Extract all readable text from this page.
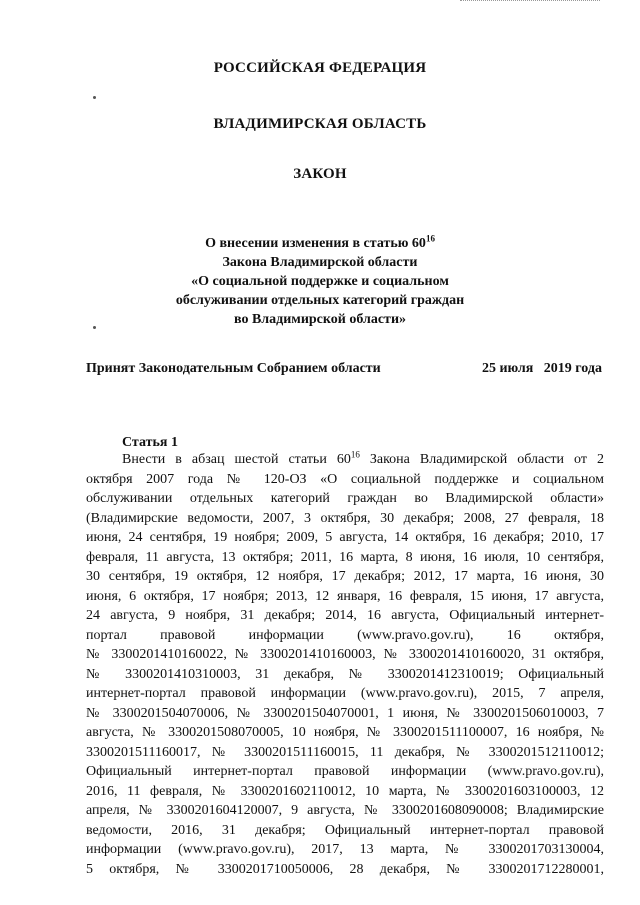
РОССИЙСКАЯ ФЕДЕРАЦИЯ
ВЛАДИМИРСКАЯ ОБЛАСТЬ
ЗАКОН
О внесении изменения в статью $60^{16}$
Закона Владимирской области
«О социальной поддержке и социальном
обслуживании отдельных категорий граждан
во Владимирской области»
Принят Законодательным Собранием области	25 июля   2019 года
Статья 1
Внести в абзац шестой статьи $60^{16}$ Закона Владимирской области от 2
октября 2007 года № 120-ОЗ «О социальной поддержке и социальном
обслуживании отдельных категорий граждан во Владимирской области»
(Владимирские ведомости, 2007, 3 октября, 30 декабря; 2008, 27 февраля, 18
июня, 24 сентября, 19 ноября; 2009, 5 августа, 14 октября, 16 декабря; 2010, 17
февраля, 11 августа, 13 октября; 2011, 16 марта, 8 июня, 16 июля, 10 сентября,
30 сентября, 19 октября, 12 ноября, 17 декабря; 2012, 17 марта, 16 июня, 30
июня, 6 октября, 17 ноября; 2013, 12 января, 16 февраля, 15 июня, 17 августа,
24 августа, 9 ноября, 31 декабря; 2014, 16 августа, Официальный интернет-
портал правовой информации (www.pravo.gov.ru), 16 октября,
№ 3300201410160022, № 3300201410160003, № 3300201410160020, 31 октября,
№ 3300201410310003, 31 декабря, № 3300201412310019; Официальный
интернет-портал правовой информации (www.pravo.gov.ru), 2015, 7 апреля,
№ 3300201504070006, № 3300201504070001, 1 июня, № 3300201506010003, 7
августа, № 3300201508070005, 10 ноября, № 3300201511100007, 16 ноября, №
3300201511160017, № 3300201511160015, 11 декабря, № 3300201512110012;
Официальный интернет-портал правовой информации (www.pravo.gov.ru),
2016, 11 февраля, № 3300201602110012, 10 марта, № 3300201603100003, 12
апреля, № 3300201604120007, 9 августа, № 3300201608090008; Владимирские
ведомости, 2016, 31 декабря; Официальный интернет-портал правовой
информации (www.pravo.gov.ru), 2017, 13 марта, № 3300201703130004,
5 октября, № 3300201710050006, 28 декабря, № 3300201712280001,
